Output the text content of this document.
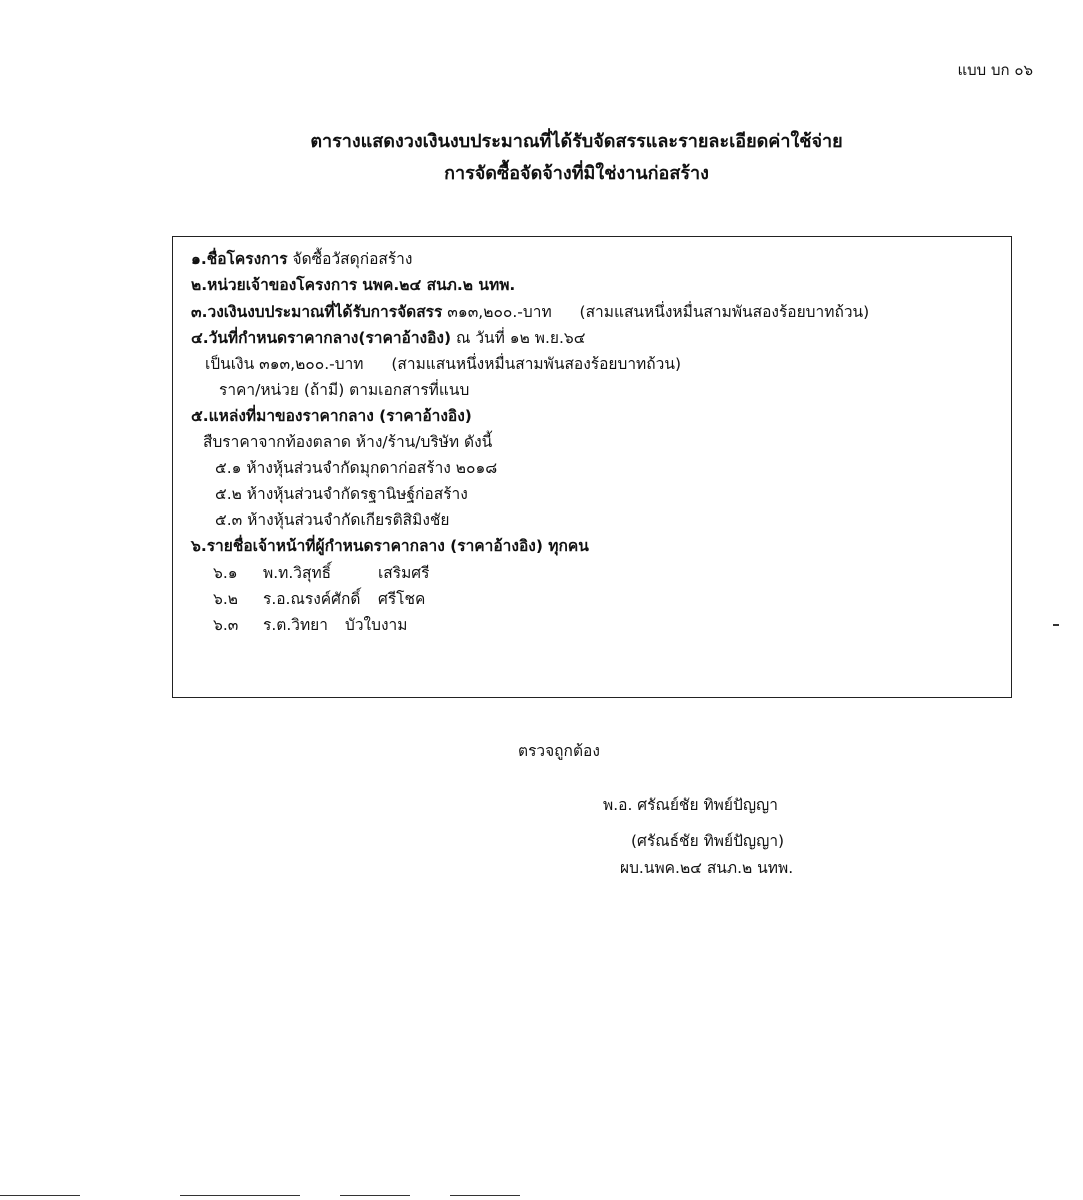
แบบ บก ๐๖
ตารางแสดงวงเงินงบประมาณที่ได้รับจัดสรรและรายละเอียดค่าใช้จ่าย
การจัดซื้อจัดจ้างที่มิใช่งานก่อสร้าง
๑.ชื่อโครงการ จัดซื้อวัสดุก่อสร้าง
๒.หน่วยเจ้าของโครงการ นพค.๒๔ สนภ.๒ นทพ.
๓.วงเงินงบประมาณที่ได้รับการจัดสรร ๓๑๓,๒๐๐.-บาท (สามแสนหนึ่งหมื่นสามพันสองร้อยบาทถ้วน)
๔.วันที่กำหนดราคากลาง(ราคาอ้างอิง) ณ วันที่ ๑๒ พ.ย.๖๔
เป็นเงิน ๓๑๓,๒๐๐.-บาท (สามแสนหนึ่งหมื่นสามพันสองร้อยบาทถ้วน)
ราคา/หน่วย (ถ้ามี) ตามเอกสารที่แนบ
๕.แหล่งที่มาของราคากลาง (ราคาอ้างอิง)
สืบราคาจากท้องตลาด ห้าง/ร้าน/บริษัท ดังนี้
๕.๑ ห้างหุ้นส่วนจำกัดมุกดาก่อสร้าง ๒๐๑๘
๕.๒ ห้างหุ้นส่วนจำกัดรฐานิษฐ์ก่อสร้าง
๕.๓ ห้างหุ้นส่วนจำกัดเกียรติสิมิงชัย
๖.รายชื่อเจ้าหน้าที่ผู้กำหนดราคากลาง (ราคาอ้างอิง) ทุกคน
๖.๑ พ.ท.วิสุทธิ์	เสริมศรี
๖.๒ ร.อ.ณรงค์ศักดิ์ ศรีโชค
๖.๓ ร.ต.วิทยา บัวใบงาม
ตรวจถูกต้อง
พ.อ. ศรัณย์ชัย ทิพย์ปัญญา
(ศรัณธ์ชัย ทิพย์ปัญญา)
ผบ.นพค.๒๔ สนภ.๒ นทพ.
